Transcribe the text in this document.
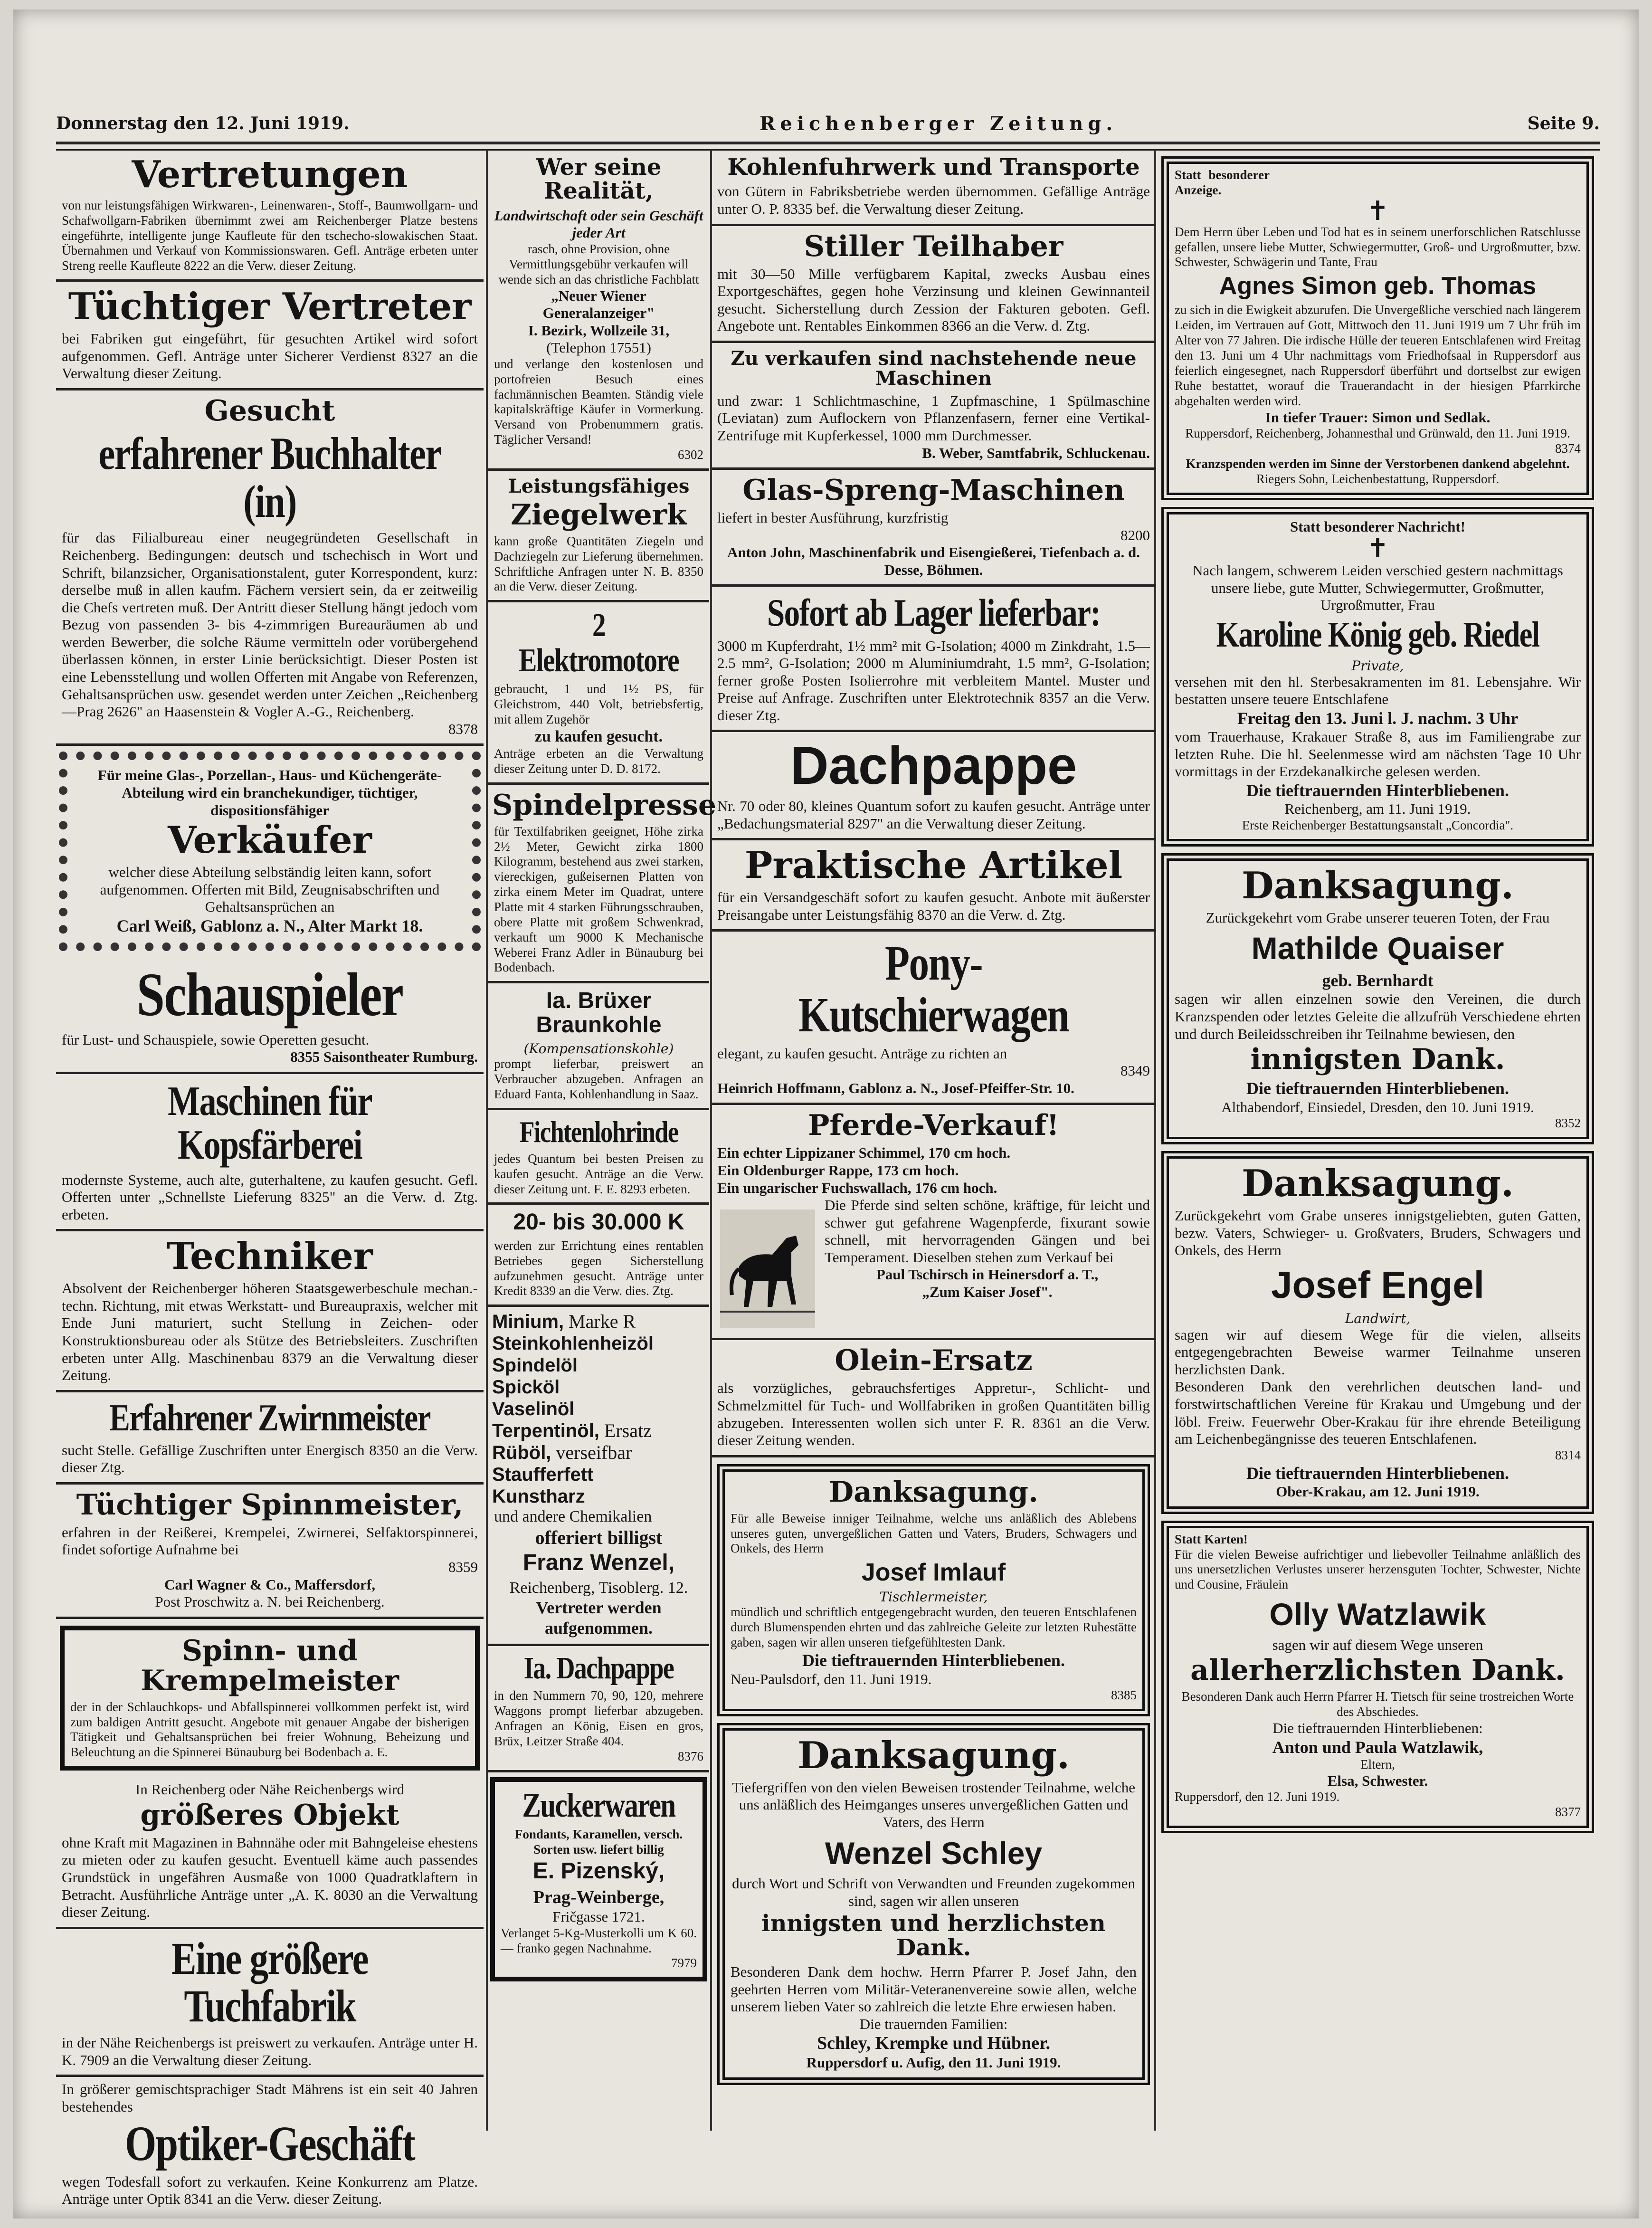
Donnerstag den 12. Juni 1919.	Reichenberger Zeitung.	Seite 9.
Vertretungen
von nur leistungsfähigen Wirkwaren-, Leinenwaren-, Stoff-, Baumwollgarn- und Schafwollgarn-Fabriken übernimmt zwei am Reichenberger Platze bestens eingeführte, intelligente junge Kaufleute für den tschecho-slowakischen Staat. Übernahmen und Verkauf von Kommissionswaren. Gefl. Anträge erbeten unter Streng reelle Kaufleute 8222 an die Verw. dieser Zeitung.
Tüchtiger Vertreter
bei Fabriken gut eingeführt, für gesuchten Artikel wird sofort aufgenommen. Gefl. Anträge unter Sicherer Verdienst 8327 an die Verwaltung dieser Zeitung.
Gesucht
erfahrener Buchhalter (in)
für das Filialbureau einer neugegründeten Gesellschaft in Reichenberg. Bedingungen: deutsch und tschechisch in Wort und Schrift, bilanzsicher, Organisationstalent, guter Korrespondent, kurz: derselbe muß in allen kaufm. Fächern versiert sein, da er zeitweilig die Chefs vertreten muß. Der Antritt dieser Stellung hängt jedoch vom Bezug von passenden 3- bis 4-zimmrigen Bureauräumen ab und werden Bewerber, die solche Räume vermitteln oder vorübergehend überlassen können, in erster Linie berücksichtigt. Dieser Posten ist eine Lebensstellung und wollen Offerten mit Angabe von Referenzen, Gehaltsansprüchen usw. gesendet werden unter Zeichen „Reichenberg—Prag 2626" an Haasenstein & Vogler A.-G., Reichenberg.
8378
Für meine Glas-, Porzellan-, Haus- und Küchengeräte-Abteilung wird ein branchekundiger, tüchtiger, dispositionsfähiger
Verkäufer
welcher diese Abteilung selbständig leiten kann, sofort aufgenommen. Offerten mit Bild, Zeugnisabschriften und Gehaltsansprüchen an
Carl Weiß, Gablonz a. N., Alter Markt 18.
Schauspieler
für Lust- und Schauspiele, sowie Operetten gesucht.
8355 Saisontheater Rumburg.
Maschinen für Kopsfärberei
modernste Systeme, auch alte, guterhaltene, zu kaufen gesucht. Gefl. Offerten unter „Schnellste Lieferung 8325" an die Verw. d. Ztg. erbeten.
Techniker
Absolvent der Reichenberger höheren Staatsgewerbeschule mechan.-techn. Richtung, mit etwas Werkstatt- und Bureaupraxis, welcher mit Ende Juni maturiert, sucht Stellung in Zeichen- oder Konstruktionsbureau oder als Stütze des Betriebsleiters. Zuschriften erbeten unter Allg. Maschinenbau 8379 an die Verwaltung dieser Zeitung.
Erfahrener Zwirnmeister
sucht Stelle. Gefällige Zuschriften unter Energisch 8350 an die Verw. dieser Ztg.
Tüchtiger Spinnmeister,
erfahren in der Reißerei, Krempelei, Zwirnerei, Selfaktorspinnerei, findet sofortige Aufnahme bei
8359
Carl Wagner & Co., Maffersdorf,
Post Proschwitz a. N. bei Reichenberg.
Spinn- und Krempelmeister
der in der Schlauchkops- und Abfallspinnerei vollkommen perfekt ist, wird zum baldigen Antritt gesucht. Angebote mit genauer Angabe der bisherigen Tätigkeit und Gehaltsansprüchen bei freier Wohnung, Beheizung und Beleuchtung an die Spinnerei Bünauburg bei Bodenbach a. E.
In Reichenberg oder Nähe Reichenbergs wird
größeres Objekt
ohne Kraft mit Magazinen in Bahnnähe oder mit Bahngeleise ehestens zu mieten oder zu kaufen gesucht. Eventuell käme auch passendes Grundstück in ungefähren Ausmaße von 1000 Quadratklaftern in Betracht. Ausführliche Anträge unter „A. K. 8030 an die Verwaltung dieser Zeitung.
Eine größere Tuchfabrik
in der Nähe Reichenbergs ist preiswert zu verkaufen. Anträge unter H. K. 7909 an die Verwaltung dieser Zeitung.
In größerer gemischtsprachiger Stadt Mährens ist ein seit 40 Jahren bestehendes
Optiker-Geschäft
wegen Todesfall sofort zu verkaufen. Keine Konkurrenz am Platze. Anträge unter Optik 8341 an die Verw. dieser Zeitung.
Wer seine Realität,
Landwirtschaft oder sein Geschäft jeder Art
rasch, ohne Provision, ohne Vermittlungsgebühr verkaufen will wende sich an das christliche Fachblatt
„Neuer Wiener Generalanzeiger"
I. Bezirk, Wollzeile 31,
(Telephon 17551)
und verlange den kostenlosen und portofreien Besuch eines fachmännischen Beamten. Ständig viele kapitalskräftige Käufer in Vormerkung. Versand von Probenummern gratis. Täglicher Versand!
6302
Leistungsfähiges
Ziegelwerk
kann große Quantitäten Ziegeln und Dachziegeln zur Lieferung übernehmen. Schriftliche Anfragen unter N. B. 8350 an die Verw. dieser Zeitung.
2 Elektromotore
gebraucht, 1 und 1½ PS, für Gleichstrom, 440 Volt, betriebsfertig, mit allem Zugehör
zu kaufen gesucht.
Anträge erbeten an die Verwaltung dieser Zeitung unter D. D. 8172.
Spindelpresse
für Textilfabriken geeignet, Höhe zirka 2½ Meter, Gewicht zirka 1800 Kilogramm, bestehend aus zwei starken, viereckigen, gußeisernen Platten von zirka einem Meter im Quadrat, untere Platte mit 4 starken Führungsschrauben, obere Platte mit großem Schwenkrad, verkauft um 9000 K Mechanische Weberei Franz Adler in Bünauburg bei Bodenbach.
Ia. Brüxer Braunkohle
(Kompensationskohle)
prompt lieferbar, preiswert an Verbraucher abzugeben. Anfragen an Eduard Fanta, Kohlenhandlung in Saaz.
Fichtenlohrinde
jedes Quantum bei besten Preisen zu kaufen gesucht. Anträge an die Verw. dieser Zeitung unt. F. E. 8293 erbeten.
20- bis 30.000 K
werden zur Errichtung eines rentablen Betriebes gegen Sicherstellung aufzunehmen gesucht. Anträge unter Kredit 8339 an die Verw. dies. Ztg.
Minium, Marke R
Steinkohlenheizöl
Spindelöl
Spicköl
Vaselinöl
Terpentinöl, Ersatz
Rüböl, verseifbar
Staufferfett
Kunstharz
und andere Chemikalien
offeriert billigst
Franz Wenzel,
Reichenberg, Tisoblerg. 12.
Vertreter werden aufgenommen.
Ia. Dachpappe
in den Nummern 70, 90, 120, mehrere Waggons prompt lieferbar abzugeben. Anfragen an König, Eisen en gros, Brüx, Leitzer Straße 404.
8376
Zuckerwaren
Fondants, Karamellen, versch. Sorten usw. liefert billig
E. Pizenský,
Prag-Weinberge,
Fričgasse 1721.
Verlanget 5-Kg-Musterkolli um K 60.— franko gegen Nachnahme.
7979
Kohlenfuhrwerk und Transporte
von Gütern in Fabriksbetriebe werden übernommen. Gefällige Anträge unter O. P. 8335 bef. die Verwaltung dieser Zeitung.
Stiller Teilhaber
mit 30—50 Mille verfügbarem Kapital, zwecks Ausbau eines Exportgeschäftes, gegen hohe Verzinsung und kleinen Gewinnanteil gesucht. Sicherstellung durch Zession der Fakturen geboten. Gefl. Angebote unt. Rentables Einkommen 8366 an die Verw. d. Ztg.
Zu verkaufen sind nachstehende neue Maschinen
und zwar: 1 Schlichtmaschine, 1 Zupfmaschine, 1 Spülmaschine (Leviatan) zum Auflockern von Pflanzenfasern, ferner eine Vertikal-Zentrifuge mit Kupferkessel, 1000 mm Durchmesser.
B. Weber, Samtfabrik, Schluckenau.
Glas-Spreng-Maschinen
liefert in bester Ausführung, kurzfristig
8200
Anton John, Maschinenfabrik und Eisengießerei, Tiefenbach a. d. Desse, Böhmen.
Sofort ab Lager lieferbar:
3000 m Kupferdraht, 1½ mm² mit G-Isolation; 4000 m Zinkdraht, 1.5—2.5 mm², G-Isolation; 2000 m Aluminiumdraht, 1.5 mm², G-Isolation; ferner große Posten Isolierrohre mit verbleitem Mantel. Muster und Preise auf Anfrage. Zuschriften unter Elektrotechnik 8357 an die Verw. dieser Ztg.
Dachpappe
Nr. 70 oder 80, kleines Quantum sofort zu kaufen gesucht. Anträge unter „Bedachungsmaterial 8297" an die Verwaltung dieser Zeitung.
Praktische Artikel
für ein Versandgeschäft sofort zu kaufen gesucht. Anbote mit äußerster Preisangabe unter Leistungsfähig 8370 an die Verw. d. Ztg.
Pony-Kutschierwagen
elegant, zu kaufen gesucht. Anträge zu richten an
8349
Heinrich Hoffmann, Gablonz a. N., Josef-Pfeiffer-Str. 10.
Pferde-Verkauf!
Ein echter Lippizaner Schimmel, 170 cm hoch.
Ein Oldenburger Rappe, 173 cm hoch.
Ein ungarischer Fuchswallach, 176 cm hoch.
Die Pferde sind selten schöne, kräftige, für leicht und schwer gut gefahrene Wagenpferde, fixurant sowie schnell, mit hervorragenden Gängen und bei Temperament. Dieselben stehen zum Verkauf bei
Paul Tschirsch in Heinersdorf a. T.,
„Zum Kaiser Josef".
Olein-Ersatz
als vorzügliches, gebrauchsfertiges Appretur-, Schlicht- und Schmelzmittel für Tuch- und Wollfabriken in großen Quantitäten billig abzugeben. Interessenten wollen sich unter F. R. 8361 an die Verw. dieser Zeitung wenden.
Danksagung.
Für alle Beweise inniger Teilnahme, welche uns anläßlich des Ablebens unseres guten, unvergeßlichen Gatten und Vaters, Bruders, Schwagers und Onkels, des Herrn
Josef Imlauf
Tischlermeister,
mündlich und schriftlich entgegengebracht wurden, den teueren Entschlafenen durch Blumenspenden ehrten und das zahlreiche Geleite zur letzten Ruhestätte gaben, sagen wir allen unseren tiefgefühltesten Dank.
Die tieftrauernden Hinterbliebenen.
Neu-Paulsdorf, den 11. Juni 1919.
8385
Danksagung.
Tiefergriffen von den vielen Beweisen trostender Teilnahme, welche uns anläßlich des Heimganges unseres unvergeßlichen Gatten und Vaters, des Herrn
Wenzel Schley
durch Wort und Schrift von Verwandten und Freunden zugekommen sind, sagen wir allen unseren
innigsten und herzlichsten Dank.
Besonderen Dank dem hochw. Herrn Pfarrer P. Josef Jahn, den geehrten Herren vom Militär-Veteranenvereine sowie allen, welche unserem lieben Vater so zahlreich die letzte Ehre erwiesen haben.
Die trauernden Familien:
Schley, Krempke und Hübner.
Ruppersdorf u. Aufig, den 11. Juni 1919.
Statt besonderer Anzeige.
✝
Dem Herrn über Leben und Tod hat es in seinem unerforschlichen Ratschlusse gefallen, unsere liebe Mutter, Schwiegermutter, Groß- und Urgroßmutter, bzw. Schwester, Schwägerin und Tante, Frau
Agnes Simon geb. Thomas
zu sich in die Ewigkeit abzurufen. Die Unvergeßliche verschied nach längerem Leiden, im Vertrauen auf Gott, Mittwoch den 11. Juni 1919 um 7 Uhr früh im Alter von 77 Jahren. Die irdische Hülle der teueren Entschlafenen wird Freitag den 13. Juni um 4 Uhr nachmittags vom Friedhofsaal in Ruppersdorf aus feierlich eingesegnet, nach Ruppersdorf überführt und dortselbst zur ewigen Ruhe bestattet, worauf die Trauerandacht in der hiesigen Pfarrkirche abgehalten werden wird.
In tiefer Trauer: Simon und Sedlak.
Ruppersdorf, Reichenberg, Johannesthal und Grünwald, den 11. Juni 1919.
8374
Kranzspenden werden im Sinne der Verstorbenen dankend abgelehnt.
Riegers Sohn, Leichenbestattung, Ruppersdorf.
Statt besonderer Nachricht!
✝
Nach langem, schwerem Leiden verschied gestern nachmittags unsere liebe, gute Mutter, Schwiegermutter, Großmutter, Urgroßmutter, Frau
Karoline König geb. Riedel
Private,
versehen mit den hl. Sterbesakramenten im 81. Lebensjahre. Wir bestatten unsere teuere Entschlafene
Freitag den 13. Juni l. J. nachm. 3 Uhr
vom Trauerhause, Krakauer Straße 8, aus im Familiengrabe zur letzten Ruhe. Die hl. Seelenmesse wird am nächsten Tage 10 Uhr vormittags in der Erzdekanalkirche gelesen werden.
Die tieftrauernden Hinterbliebenen.
Reichenberg, am 11. Juni 1919.
Erste Reichenberger Bestattungsanstalt „Concordia".
Danksagung.
Zurückgekehrt vom Grabe unserer teueren Toten, der Frau
Mathilde Quaiser
geb. Bernhardt
sagen wir allen einzelnen sowie den Vereinen, die durch Kranzspenden oder letztes Geleite die allzufrüh Verschiedene ehrten und durch Beileidsschreiben ihr Teilnahme bewiesen, den
innigsten Dank.
Die tieftrauernden Hinterbliebenen.
Althabendorf, Einsiedel, Dresden, den 10. Juni 1919.
8352
Danksagung.
Zurückgekehrt vom Grabe unseres innigstgeliebten, guten Gatten, bezw. Vaters, Schwieger- u. Großvaters, Bruders, Schwagers und Onkels, des Herrn
Josef Engel
Landwirt,
sagen wir auf diesem Wege für die vielen, allseits entgegengebrachten Beweise warmer Teilnahme unseren herzlichsten Dank.
Besonderen Dank den verehrlichen deutschen land- und forstwirtschaftlichen Vereine für Krakau und Umgebung und der löbl. Freiw. Feuerwehr Ober-Krakau für ihre ehrende Beteiligung am Leichenbegängnisse des teueren Entschlafenen.
8314
Die tieftrauernden Hinterbliebenen.
Ober-Krakau, am 12. Juni 1919.
Statt Karten!
Für die vielen Beweise aufrichtiger und liebevoller Teilnahme anläßlich des uns unersetzlichen Verlustes unserer herzensguten Tochter, Schwester, Nichte und Cousine, Fräulein
Olly Watzlawik
sagen wir auf diesem Wege unseren
allerherzlichsten Dank.
Besonderen Dank auch Herrn Pfarrer H. Tietsch für seine trostreichen Worte des Abschiedes.
Die tieftrauernden Hinterbliebenen:
Anton und Paula Watzlawik,
Eltern,
Elsa, Schwester.
Ruppersdorf, den 12. Juni 1919.
8377
